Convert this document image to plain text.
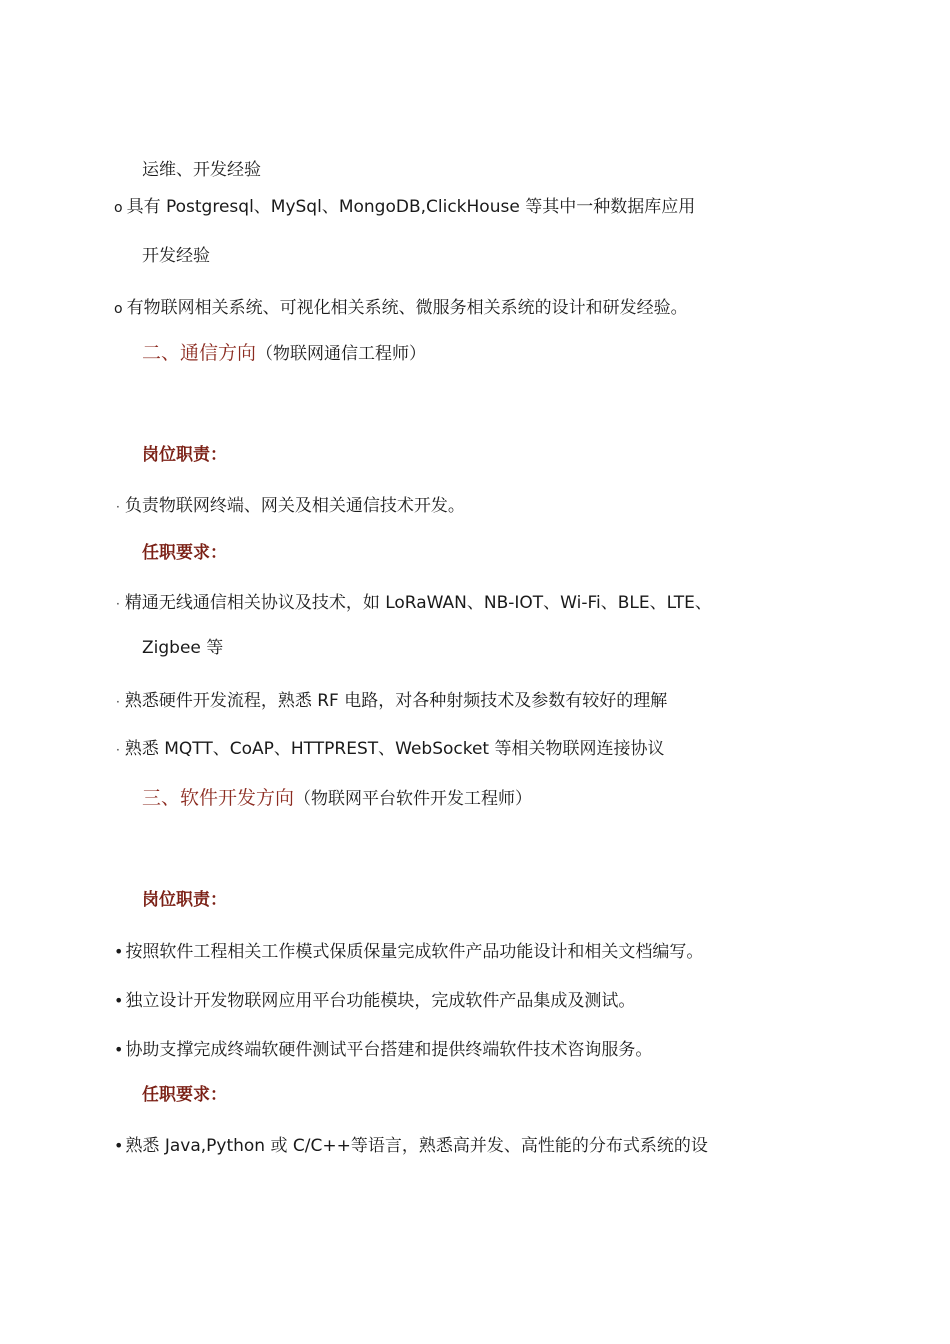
运维、开发经验
o 具有 Postgresql、MySql、MongoDB,ClickHouse 等其中一种数据库应用
开发经验
o 有物联网相关系统、可视化相关系统、微服务相关系统的设计和研发经验。
二、通信方向（物联网通信工程师）
岗位职责：
· 负责物联网终端、网关及相关通信技术开发。
任职要求：
· 精通无线通信相关协议及技术，如 LoRaWAN、NB-IOT、Wi-Fi、BLE、LTE、
Zigbee 等
· 熟悉硬件开发流程，熟悉 RF 电路，对各种射频技术及参数有较好的理解
· 熟悉 MQTT、CoAP、HTTPREST、WebSocket 等相关物联网连接协议
三、软件开发方向（物联网平台软件开发工程师）
岗位职责：
• 按照软件工程相关工作模式保质保量完成软件产品功能设计和相关文档编写。
• 独立设计开发物联网应用平台功能模块，完成软件产品集成及测试。
• 协助支撑完成终端软硬件测试平台搭建和提供终端软件技术咨询服务。
任职要求：
• 熟悉 Java,Python 或 C/C++等语言，熟悉高并发、高性能的分布式系统的设
